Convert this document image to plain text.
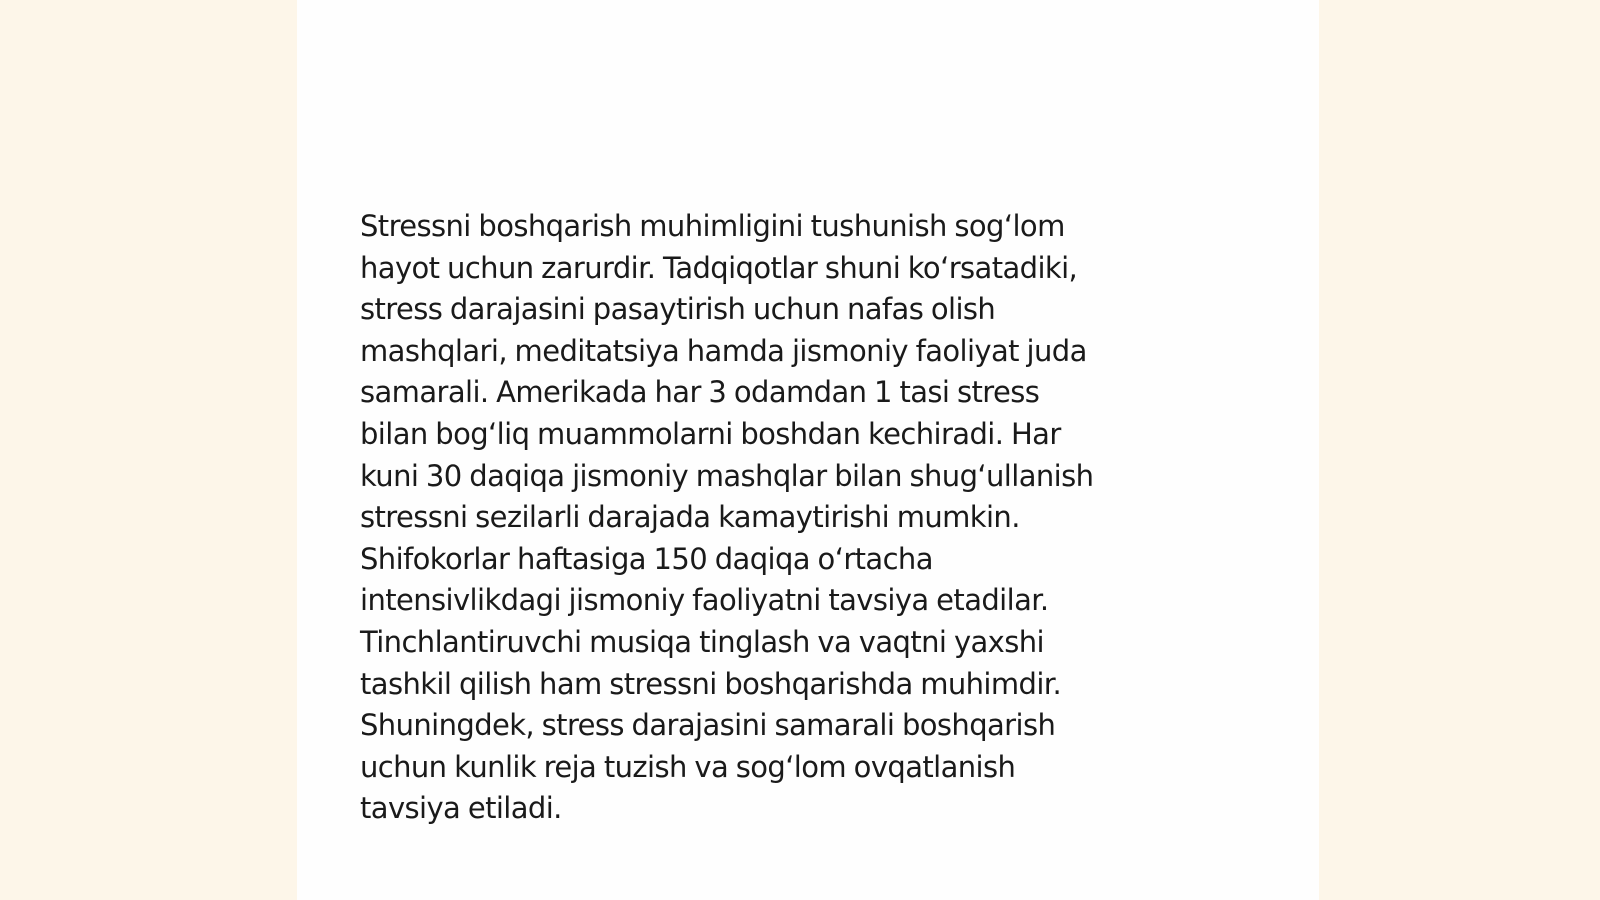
Stressni boshqarish muhimligini tushunish sogʻlom
hayot uchun zarurdir. Tadqiqotlar shuni koʻrsatadiki,
stress darajasini pasaytirish uchun nafas olish
mashqlari, meditatsiya hamda jismoniy faoliyat juda
samarali. Amerikada har 3 odamdan 1 tasi stress
bilan bogʻliq muammolarni boshdan kechiradi. Har
kuni 30 daqiqa jismoniy mashqlar bilan shugʻullanish
stressni sezilarli darajada kamaytirishi mumkin.
Shifokorlar haftasiga 150 daqiqa oʻrtacha
intensivlikdagi jismoniy faoliyatni tavsiya etadilar.
Tinchlantiruvchi musiqa tinglash va vaqtni yaxshi
tashkil qilish ham stressni boshqarishda muhimdir.
Shuningdek, stress darajasini samarali boshqarish
uchun kunlik reja tuzish va sogʻlom ovqatlanish
tavsiya etiladi.
